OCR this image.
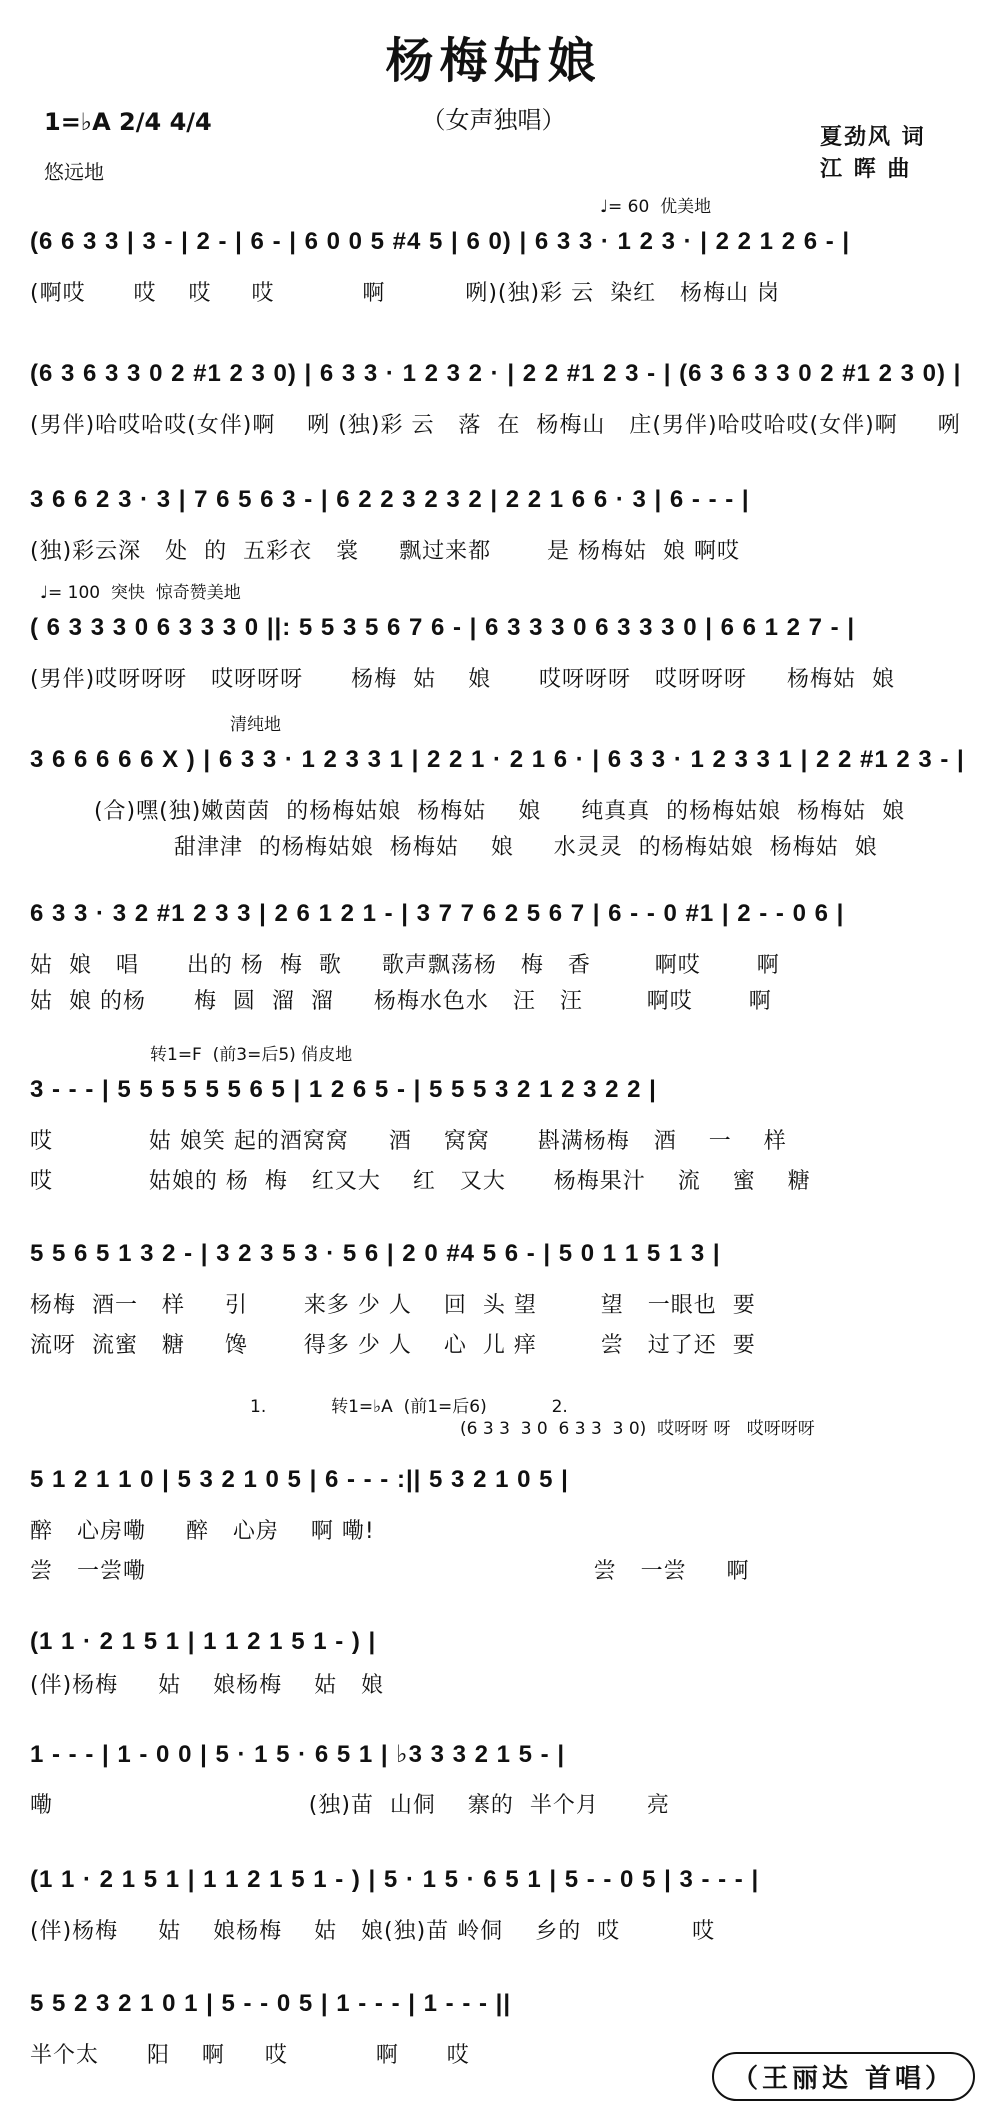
杨梅姑娘
（女声独唱）
1=♭A 2/4 4/4
悠远地
夏劲风 词
江 晖 曲
♩= 60  优美地
(6 6 3 3 | 3 - | 2 - | 6 - | 6 0 0 5 #4 5 | 6 0) | 6 3 3 · 1 2 3 · | 2 2 1 2 6 - |
(啊哎      哎    哎     哎           啊          咧)(独)彩 云  染红   杨梅山 岗
(6 3 6 3 3 0 2 #1 2 3 0) | 6 3 3 · 1 2 3 2 · | 2 2 #1 2 3 - | (6 3 6 3 3 0 2 #1 2 3 0) |
(男伴)哈哎哈哎(女伴)啊    咧 (独)彩 云   落  在  杨梅山   庄(男伴)哈哎哈哎(女伴)啊     咧
3 6 6 2 3 · 3 | 7 6 5 6 3 - | 6 2 2 3 2 3 2 | 2 2 1 6 6 · 3 | 6 - - - |
(独)彩云深   处  的  五彩衣   裳     飘过来都       是 杨梅姑  娘 啊哎
♩= 100  突快  惊奇赞美地
( 6 3 3 3 0 6 3 3 3 0 ||: 5 5 3 5 6 7 6 - | 6 3 3 3 0 6 3 3 3 0 | 6 6 1 2 7 - |
(男伴)哎呀呀呀   哎呀呀呀      杨梅  姑    娘      哎呀呀呀   哎呀呀呀     杨梅姑  娘
清纯地
3 6 6 6 6 6 X ) | 6 3 3 · 1 2 3 3 1 | 2 2 1 · 2 1 6 · | 6 3 3 · 1 2 3 3 1 | 2 2 #1 2 3 - |
(合)嘿(独)嫩茵茵  的杨梅姑娘  杨梅姑    娘     纯真真  的杨梅姑娘  杨梅姑  娘
甜津津  的杨梅姑娘  杨梅姑    娘     水灵灵  的杨梅姑娘  杨梅姑  娘
6 3 3 · 3 2 #1 2 3 3 | 2 6 1 2 1 - | 3 7 7 6 2 5 6 7 | 6 - - 0 #1 | 2 - - 0 6 |
姑  娘   唱      出的 杨  梅  歌     歌声飘荡杨   梅   香        啊哎       啊
姑  娘 的杨      梅  圆  溜  溜     杨梅水色水   汪   汪        啊哎       啊
转1=F  (前3=后5) 俏皮地
3 - - - | 5 5 5 5 5 5 6 5 | 1 2 6 5 - | 5 5 5 3 2 1 2 3 2 2 |
哎            姑 娘笑 起的酒窝窝     酒    窝窝      斟满杨梅   酒    一    样
哎            姑娘的 杨  梅   红又大    红   又大      杨梅果汁    流    蜜    糖
5 5 6 5 1 3 2 - | 3 2 3 5 3 · 5 6 | 2 0 #4 5 6 - | 5 0 1 1 5 1 3 |
杨梅  酒一   样     引       来多 少 人    回  头 望        望   一眼也  要
流呀  流蜜   糖     馋       得多 少 人    心  儿 痒        尝   过了还  要
1.            转1=♭A  (前1=后6)            2.
(6 3 3  3 0  6 3 3  3 0)  哎呀呀 呀   哎呀呀呀
5 1 2 1 1 0 | 5 3 2 1 0 5 | 6 - - - :|| 5 3 2 1 0 5 |
醉   心房嘞     醉   心房    啊 嘞!
尝   一尝嘞                                                        尝   一尝     啊
(1 1 · 2 1 5 1 | 1 1 2 1 5 1 - ) |
(伴)杨梅     姑    娘杨梅    姑   娘
1 - - - | 1 - 0 0 | 5 · 1 5 · 6 5 1 | ♭3 3 3 2 1 5 - |
嘞                                (独)苗  山侗    寨的  半个月      亮
(1 1 · 2 1 5 1 | 1 1 2 1 5 1 - ) | 5 · 1 5 · 6 5 1 | 5 - - 0 5 | 3 - - - |
(伴)杨梅     姑    娘杨梅    姑   娘(独)苗 岭侗    乡的  哎         哎
5 5 2 3 2 1 0 1 | 5 - - 0 5 | 1 - - - | 1 - - - ||
半个太      阳    啊     哎           啊      哎
（王丽达 首唱）
